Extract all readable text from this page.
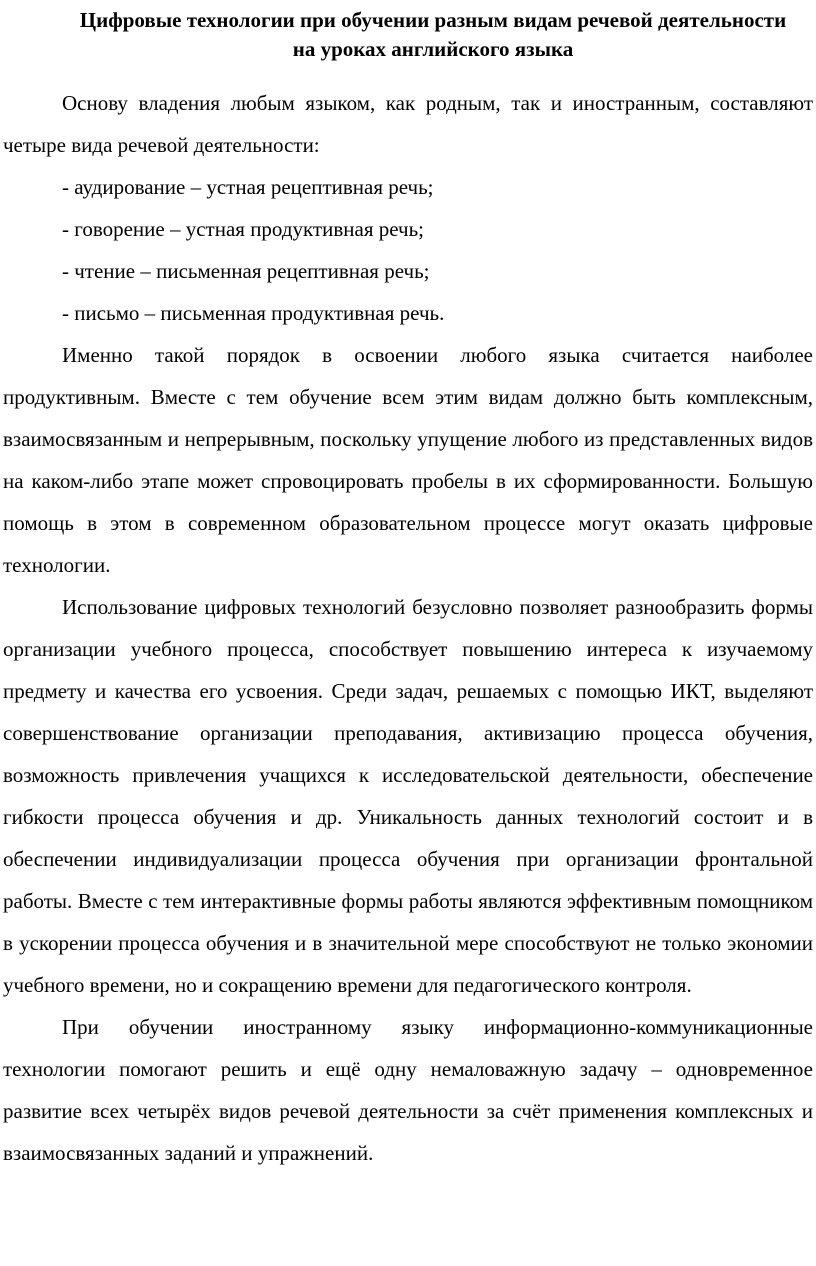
Цифровые технологии при обучении разным видам речевой деятельности на уроках английского языка

Основу владения любым языком, как родным, так и иностранным, составляют четыре вида речевой деятельности:

- аудирование – устная рецептивная речь;

- говорение – устная продуктивная речь;

- чтение – письменная рецептивная речь;

- письмо – письменная продуктивная речь.

Именно такой порядок в освоении любого языка считается наиболее продуктивным. Вместе с тем обучение всем этим видам должно быть комплексным, взаимосвязанным и непрерывным, поскольку упущение любого из представленных видов на каком-либо этапе может спровоцировать пробелы в их сформированности. Большую помощь в этом в современном образовательном процессе могут оказать цифровые технологии.

Использование цифровых технологий безусловно позволяет разнообразить формы организации учебного процесса, способствует повышению интереса к изучаемому предмету и качества его усвоения. Среди задач, решаемых с помощью ИКТ, выделяют совершенствование организации преподавания, активизацию процесса обучения, возможность привлечения учащихся к исследовательской деятельности, обеспечение гибкости процесса обучения и др. Уникальность данных технологий состоит и в обеспечении индивидуализации процесса обучения при организации фронтальной работы. Вместе с тем интерактивные формы работы являются эффективным помощником в ускорении процесса обучения и в значительной мере способствуют не только экономии учебного времени, но и сокращению времени для педагогического контроля.

При обучении иностранному языку информационно-коммуникационные технологии помогают решить и ещё одну немаловажную задачу – одновременное развитие всех четырёх видов речевой деятельности за счёт применения комплексных и взаимосвязанных заданий и упражнений.
